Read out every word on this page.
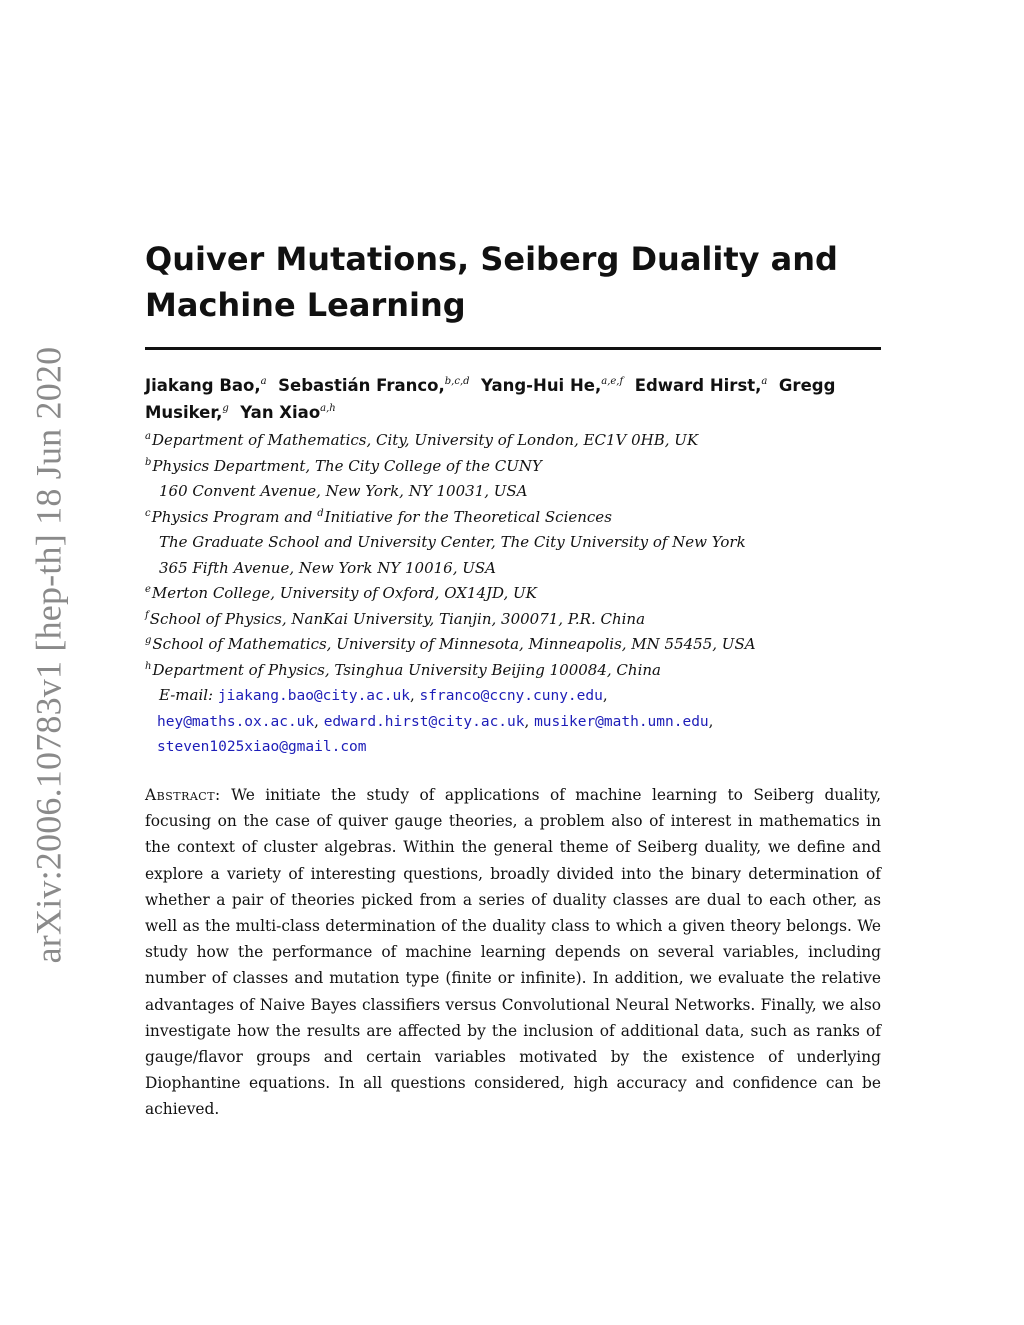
arXiv:2006.10783v1 [hep-th] 18 Jun 2020
Quiver Mutations, Seiberg Duality and
Machine Learning
Jiakang Bao,$^a$ Sebastián Franco,$^{b,c,d}$ Yang-Hui He,$^{a,e,f}$ Edward Hirst,$^a$ Gregg Musiker,$^g$ Yan Xiao$^{a,h}$
$^a$Department of Mathematics, City, University of London, EC1V 0HB, UK
$^b$Physics Department, The City College of the CUNY
160 Convent Avenue, New York, NY 10031, USA
$^c$Physics Program and $^d$Initiative for the Theoretical Sciences
The Graduate School and University Center, The City University of New York
365 Fifth Avenue, New York NY 10016, USA
$^e$Merton College, University of Oxford, OX14JD, UK
$^f$School of Physics, NanKai University, Tianjin, 300071, P.R. China
$^g$School of Mathematics, University of Minnesota, Minneapolis, MN 55455, USA
$^h$Department of Physics, Tsinghua University Beijing 100084, China
E-mail: jiakang.bao@city.ac.uk, sfranco@ccny.cuny.edu,
hey@maths.ox.ac.uk, edward.hirst@city.ac.uk, musiker@math.umn.edu,
steven1025xiao@gmail.com
Abstract: We initiate the study of applications of machine learning to Seiberg duality, focusing on the case of quiver gauge theories, a problem also of interest in mathematics in the context of cluster algebras. Within the general theme of Seiberg duality, we define and explore a variety of interesting questions, broadly divided into the binary determination of whether a pair of theories picked from a series of duality classes are dual to each other, as well as the multi-class determination of the duality class to which a given theory belongs. We study how the performance of machine learning depends on several variables, including number of classes and mutation type (finite or infinite). In addition, we evaluate the relative advantages of Naive Bayes classifiers versus Convolutional Neural Networks. Finally, we also investigate how the results are affected by the inclusion of additional data, such as ranks of gauge/flavor groups and certain variables motivated by the existence of underlying Diophantine equations. In all questions considered, high accuracy and confidence can be achieved.
